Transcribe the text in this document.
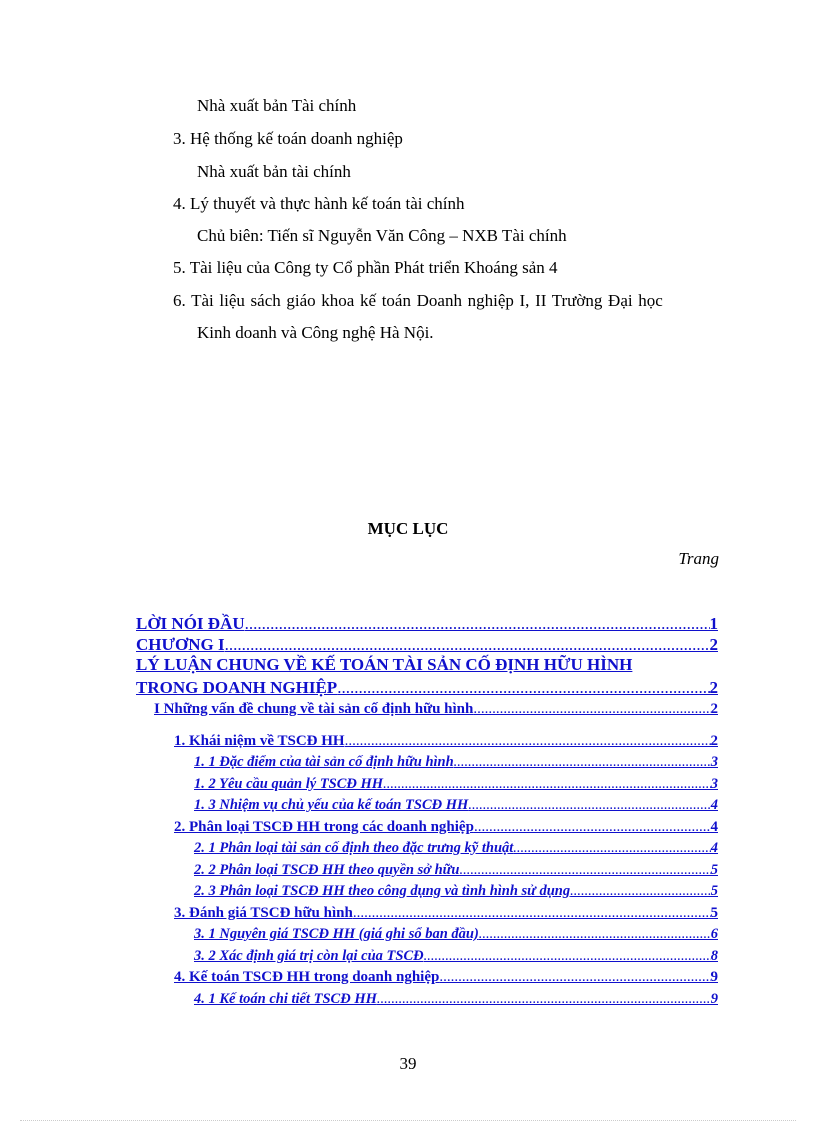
Nhà xuất bản Tài chính
3. Hệ thống kế toán doanh nghiệp
Nhà xuất bản tài chính
4. Lý thuyết và thực hành kế toán tài chính
Chủ biên: Tiến sĩ Nguyễn Văn Công – NXB Tài chính
5. Tài liệu của Công ty Cổ phần Phát triển Khoáng sản 4
6. Tài liệu sách giáo khoa kế toán Doanh nghiệp I, II Trường Đại học
Kinh doanh và Công nghệ Hà Nội.
MỤC LỤC
Trang
LỜI NÓI ĐẦU .....	1
CHƯƠNG I .....	2
LÝ LUẬN CHUNG VỀ KẾ TOÁN TÀI SẢN CỐ ĐỊNH HỮU HÌNH
TRONG DOANH NGHIỆP .....	2
I Những vấn đề chung về tài sản cố định hữu hình .....	2
1. Khái niệm về TSCĐ HH .....	2
1. 1 Đặc điểm của tài sản cố định hữu hình .....	3
1. 2 Yêu cầu quản lý TSCĐ HH .....	3
1. 3 Nhiệm vụ chủ yếu của kế toán TSCĐ HH .....	4
2. Phân loại TSCĐ HH trong các doanh nghiệp .....	4
2. 1 Phân loại tài sản cố định theo đặc trưng kỹ thuật .....	4
2. 2 Phân loại TSCĐ HH theo quyền sở hữu .....	5
2. 3 Phân loại TSCĐ HH theo công dụng và tình hình sử dụng .....	5
3. Đánh giá TSCĐ hữu hình .....	5
3. 1 Nguyên giá TSCĐ HH (giá ghi sổ ban đầu) .....	6
3. 2 Xác định giá trị còn lại của TSCĐ .....	8
4. Kế toán TSCĐ HH trong doanh nghiệp .....	9
4. 1 Kế toán chi tiết TSCĐ HH .....	9
39
